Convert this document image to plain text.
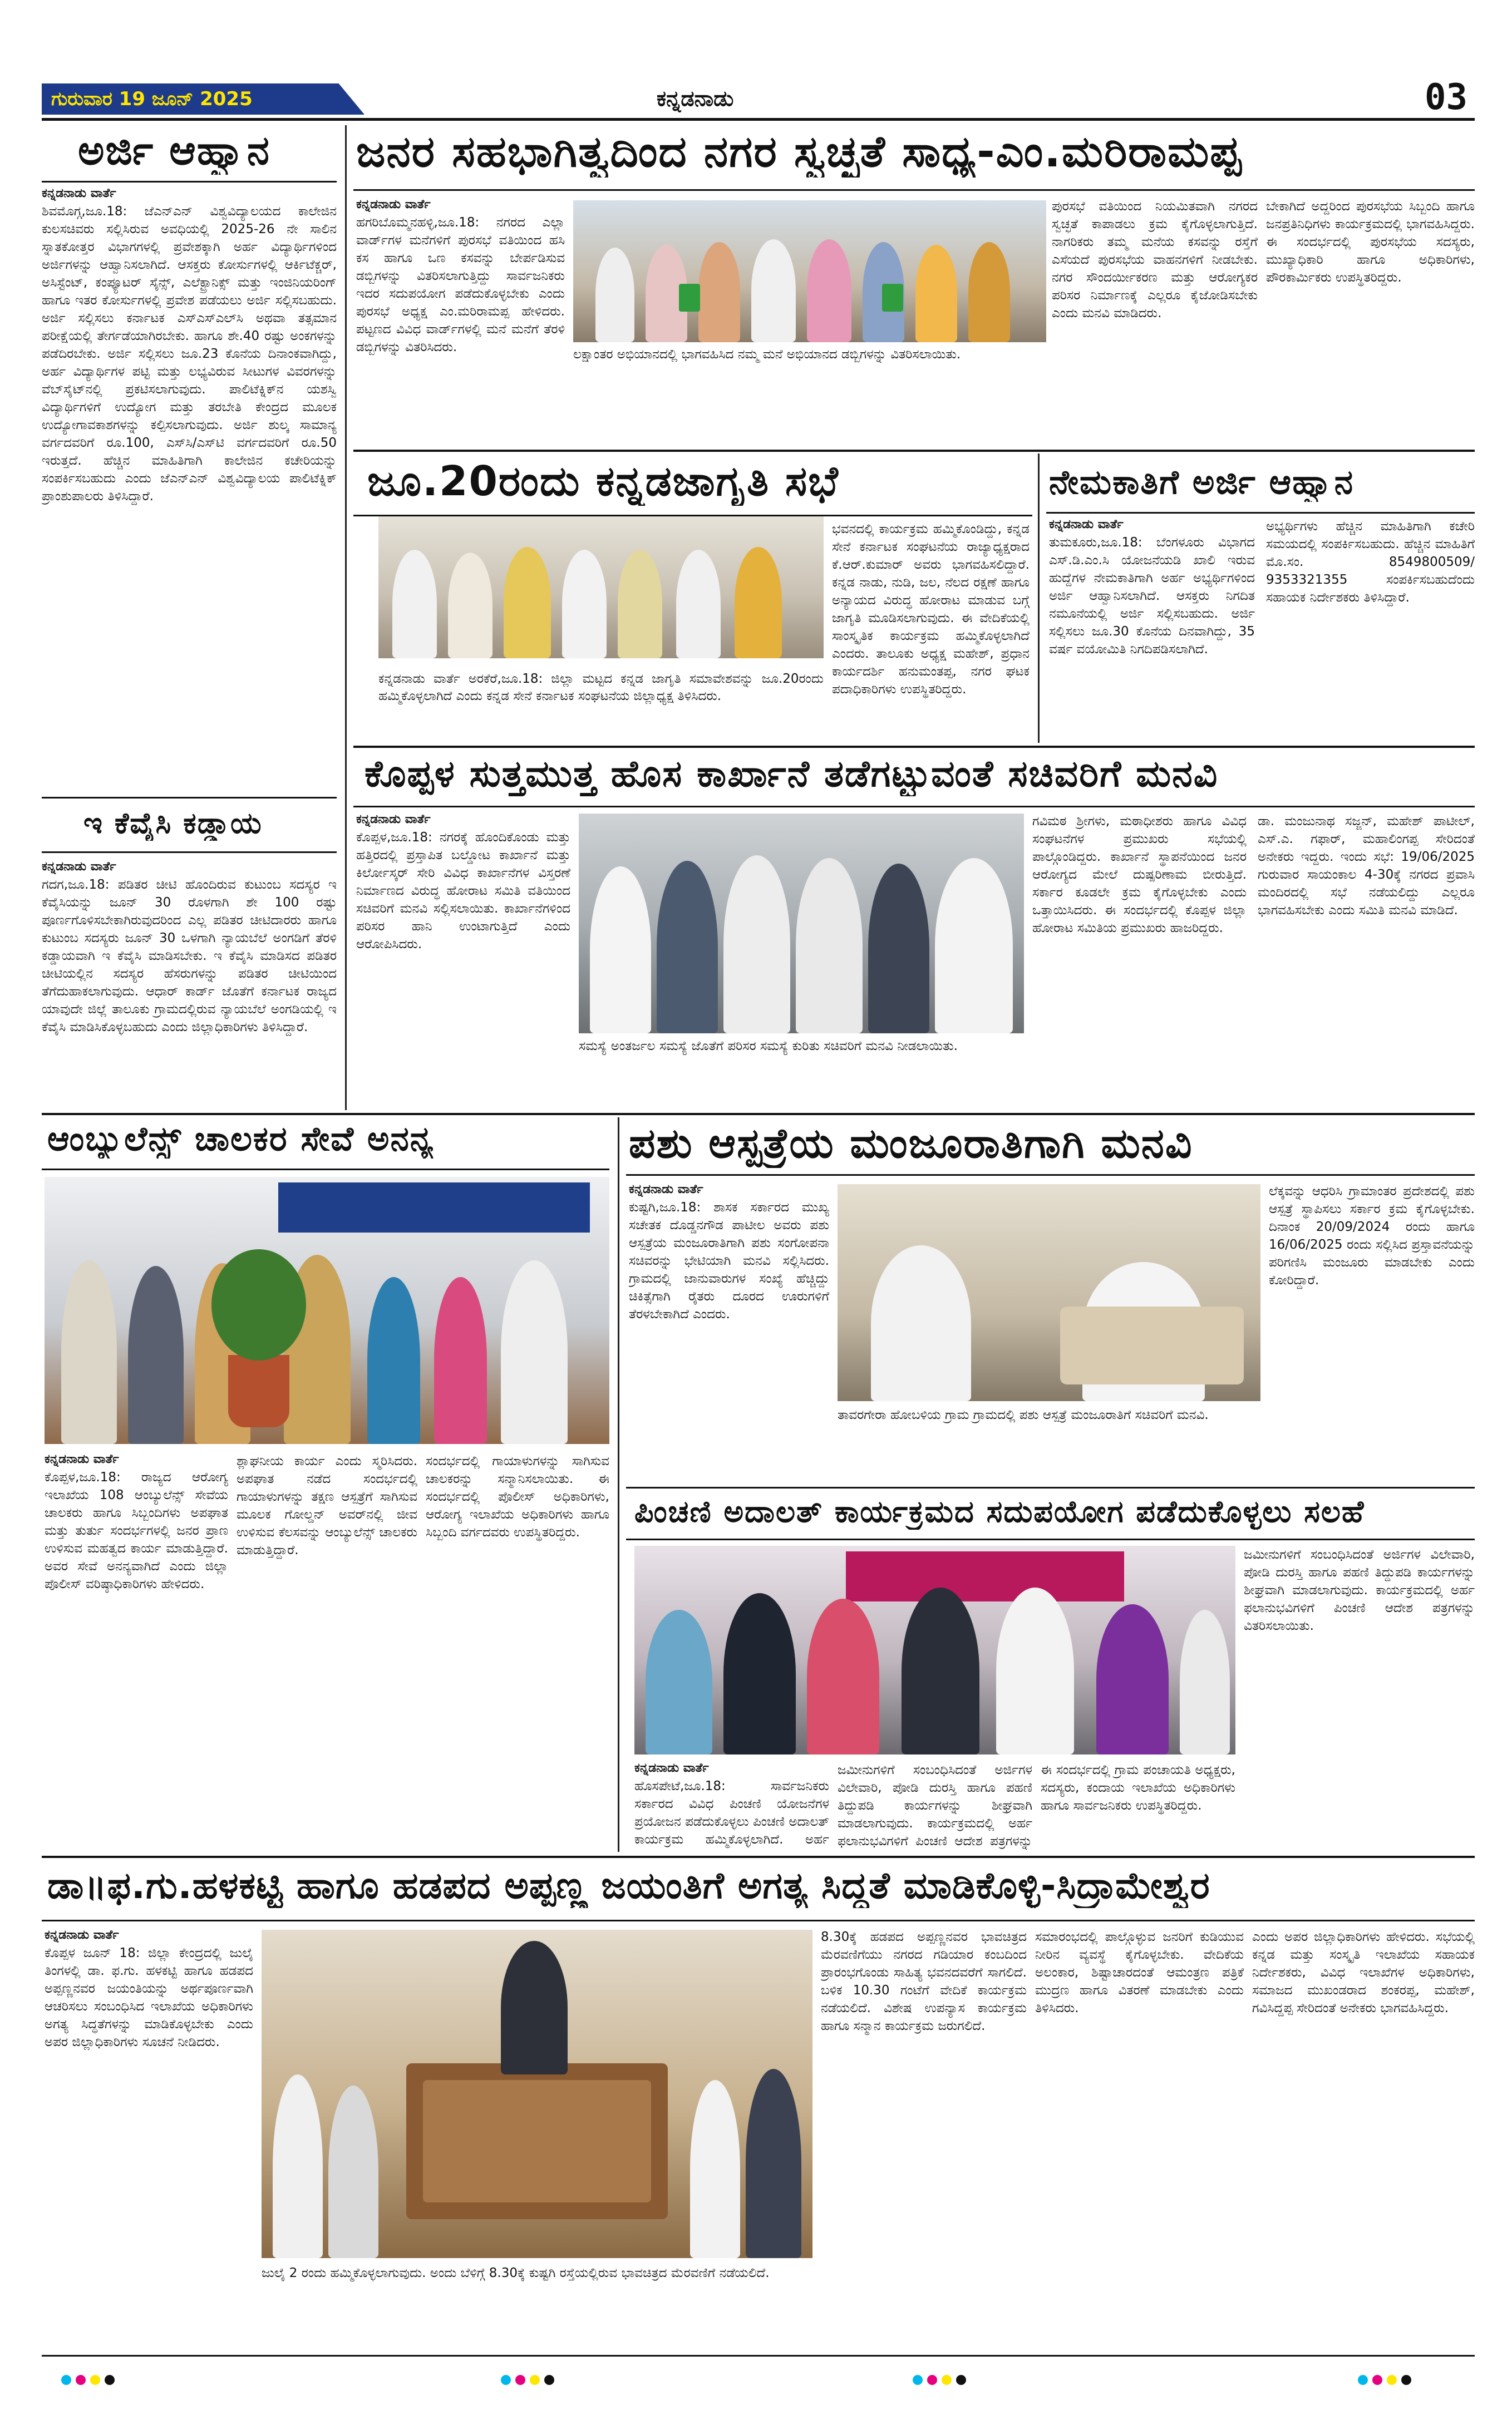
ಗುರುವಾರ 19 ಜೂನ್ 2025	ಕನ್ನಡನಾಡು	03
ಅರ್ಜಿ ಆಹ್ವಾನ
ಕನ್ನಡನಾಡು ವಾರ್ತೆ
ಶಿವಮೊಗ್ಗ,ಜೂ.18: ಜೆಎನ್‌ಎನ್ ವಿಶ್ವವಿದ್ಯಾಲಯದ ಕಾಲೇಜಿನ ಕುಲಸಚಿವರು ಸಲ್ಲಿಸಿರುವ ಅವಧಿಯಲ್ಲಿ 2025-26 ನೇ ಸಾಲಿನ ಸ್ನಾತಕೋತ್ತರ ವಿಭಾಗಗಳಲ್ಲಿ ಪ್ರವೇಶಕ್ಕಾಗಿ ಅರ್ಹ ವಿದ್ಯಾರ್ಥಿಗಳಿಂದ ಅರ್ಜಿಗಳನ್ನು ಆಹ್ವಾನಿಸಲಾಗಿದೆ. ಆಸಕ್ತರು ಕೋರ್ಸುಗಳಲ್ಲಿ ಆರ್ಕಿಟೆಕ್ಚರ್, ಅಸಿಸ್ಟೆಂಟ್, ಕಂಪ್ಯೂಟರ್ ಸೈನ್ಸ್, ಎಲೆಕ್ಟ್ರಾನಿಕ್ಸ್ ಮತ್ತು ಇಂಜಿನಿಯರಿಂಗ್ ಹಾಗೂ ಇತರ ಕೋರ್ಸುಗಳಲ್ಲಿ ಪ್ರವೇಶ ಪಡೆಯಲು ಅರ್ಜಿ ಸಲ್ಲಿಸಬಹುದು. ಅರ್ಜಿ ಸಲ್ಲಿಸಲು ಕರ್ನಾಟಕ ಎಸ್‌ಎಸ್‌ಎಲ್‌ಸಿ ಅಥವಾ ತತ್ಸಮಾನ ಪರೀಕ್ಷೆಯಲ್ಲಿ ತೇರ್ಗಡೆಯಾಗಿರಬೇಕು. ಹಾಗೂ ಶೇ.40 ರಷ್ಟು ಅಂಕಗಳನ್ನು ಪಡೆದಿರಬೇಕು. ಅರ್ಜಿ ಸಲ್ಲಿಸಲು ಜೂ.23 ಕೊನೆಯ ದಿನಾಂಕವಾಗಿದ್ದು, ಅರ್ಹ ವಿದ್ಯಾರ್ಥಿಗಳ ಪಟ್ಟಿ ಮತ್ತು ಲಭ್ಯವಿರುವ ಸೀಟುಗಳ ವಿವರಗಳನ್ನು ವೆಬ್‌ಸೈಟ್‌ನಲ್ಲಿ ಪ್ರಕಟಿಸಲಾಗುವುದು. ಪಾಲಿಟೆಕ್ನಿಕ್‌ನ ಯಶಸ್ವಿ ವಿದ್ಯಾರ್ಥಿಗಳಿಗೆ ಉದ್ಯೋಗ ಮತ್ತು ತರಬೇತಿ ಕೇಂದ್ರದ ಮೂಲಕ ಉದ್ಯೋಗಾವಕಾಶಗಳನ್ನು ಕಲ್ಪಿಸಲಾಗುವುದು. ಅರ್ಜಿ ಶುಲ್ಕ ಸಾಮಾನ್ಯ ವರ್ಗದವರಿಗೆ ರೂ.100, ಎಸ್‌ಸಿ/ಎಸ್‌ಟಿ ವರ್ಗದವರಿಗೆ ರೂ.50 ಇರುತ್ತದೆ. ಹೆಚ್ಚಿನ ಮಾಹಿತಿಗಾಗಿ ಕಾಲೇಜಿನ ಕಚೇರಿಯನ್ನು ಸಂಪರ್ಕಿಸಬಹುದು ಎಂದು ಜೆಎನ್‌ಎನ್ ವಿಶ್ವವಿದ್ಯಾಲಯ ಪಾಲಿಟೆಕ್ನಿಕ್ ಪ್ರಾಂಶುಪಾಲರು ತಿಳಿಸಿದ್ದಾರೆ.
ಇ ಕೆವೈಸಿ ಕಡ್ಡಾಯ
ಕನ್ನಡನಾಡು ವಾರ್ತೆ
ಗದಗ,ಜೂ.18: ಪಡಿತರ ಚೀಟಿ ಹೊಂದಿರುವ ಕುಟುಂಬ ಸದಸ್ಯರ ಇ ಕೆವೈಸಿಯನ್ನು ಜೂನ್ 30 ರೊಳಗಾಗಿ ಶೇ 100 ರಷ್ಟು ಪೂರ್ಣಗೊಳಿಸಬೇಕಾಗಿರುವುದರಿಂದ ಎಲ್ಲ ಪಡಿತರ ಚೀಟಿದಾರರು ಹಾಗೂ ಕುಟುಂಬ ಸದಸ್ಯರು ಜೂನ್ 30 ಒಳಗಾಗಿ ನ್ಯಾಯಬೆಲೆ ಅಂಗಡಿಗೆ ತೆರಳಿ ಕಡ್ಡಾಯವಾಗಿ ಇ ಕೆವೈಸಿ ಮಾಡಿಸಬೇಕು. ಇ ಕೆವೈಸಿ ಮಾಡಿಸದ ಪಡಿತರ ಚೀಟಿಯಲ್ಲಿನ ಸದಸ್ಯರ ಹೆಸರುಗಳನ್ನು ಪಡಿತರ ಚೀಟಿಯಿಂದ ತೆಗೆದುಹಾಕಲಾಗುವುದು. ಆಧಾರ್ ಕಾರ್ಡ್ ಜೊತೆಗೆ ಕರ್ನಾಟಕ ರಾಜ್ಯದ ಯಾವುದೇ ಜಿಲ್ಲೆ ತಾಲೂಕು ಗ್ರಾಮದಲ್ಲಿರುವ ನ್ಯಾಯಬೆಲೆ ಅಂಗಡಿಯಲ್ಲಿ ಇ ಕೆವೈಸಿ ಮಾಡಿಸಿಕೊಳ್ಳಬಹುದು ಎಂದು ಜಿಲ್ಲಾಧಿಕಾರಿಗಳು ತಿಳಿಸಿದ್ದಾರೆ.
ಜನರ ಸಹಭಾಗಿತ್ವದಿಂದ ನಗರ ಸ್ವಚ್ಛತೆ ಸಾಧ್ಯ-ಎಂ.ಮರಿರಾಮಪ್ಪ
ಕನ್ನಡನಾಡು ವಾರ್ತೆ
ಹಗರಿಬೊಮ್ಮನಹಳ್ಳಿ,ಜೂ.18: ನಗರದ ಎಲ್ಲಾ ವಾರ್ಡ್‌ಗಳ ಮನೆಗಳಿಗೆ ಪುರಸಭೆ ವತಿಯಿಂದ ಹಸಿ ಕಸ ಹಾಗೂ ಒಣ ಕಸವನ್ನು ಬೇರ್ಪಡಿಸುವ ಡಬ್ಬಿಗಳನ್ನು ವಿತರಿಸಲಾಗುತ್ತಿದ್ದು ಸಾರ್ವಜನಿಕರು ಇದರ ಸದುಪಯೋಗ ಪಡೆದುಕೊಳ್ಳಬೇಕು ಎಂದು ಪುರಸಭೆ ಅಧ್ಯಕ್ಷ ಎಂ.ಮರಿರಾಮಪ್ಪ ಹೇಳಿದರು. ಪಟ್ಟಣದ ವಿವಿಧ ವಾರ್ಡ್‌ಗಳಲ್ಲಿ ಮನೆ ಮನೆಗೆ ತೆರಳಿ ಡಬ್ಬಿಗಳನ್ನು ವಿತರಿಸಿದರು.	ಲಕ್ಷಾಂತರ ಅಭಿಯಾನದಲ್ಲಿ ಭಾಗವಹಿಸಿದ ನಮ್ಮ ಮನೆ ಅಭಿಯಾನದ ಡಬ್ಬಿಗಳನ್ನು ವಿತರಿಸಲಾಯಿತು.
ಪುರಸಭೆ ವತಿಯಿಂದ ನಿಯಮಿತವಾಗಿ ನಗರದ ಸ್ವಚ್ಛತೆ ಕಾಪಾಡಲು ಕ್ರಮ ಕೈಗೊಳ್ಳಲಾಗುತ್ತಿದೆ. ನಾಗರಿಕರು ತಮ್ಮ ಮನೆಯ ಕಸವನ್ನು ರಸ್ತೆಗೆ ಎಸೆಯದೆ ಪುರಸಭೆಯ ವಾಹನಗಳಿಗೆ ನೀಡಬೇಕು. ನಗರ ಸೌಂದರ್ಯೀಕರಣ ಮತ್ತು ಆರೋಗ್ಯಕರ ಪರಿಸರ ನಿರ್ಮಾಣಕ್ಕೆ ಎಲ್ಲರೂ ಕೈಜೋಡಿಸಬೇಕು ಎಂದು ಮನವಿ ಮಾಡಿದರು.
ಬೇಕಾಗಿದೆ ಅದ್ದರಿಂದ ಪುರಸಭೆಯ ಸಿಬ್ಬಂದಿ ಹಾಗೂ ಜನಪ್ರತಿನಿಧಿಗಳು ಕಾರ್ಯಕ್ರಮದಲ್ಲಿ ಭಾಗವಹಿಸಿದ್ದರು. ಈ ಸಂದರ್ಭದಲ್ಲಿ ಪುರಸಭೆಯ ಸದಸ್ಯರು, ಮುಖ್ಯಾಧಿಕಾರಿ ಹಾಗೂ ಅಧಿಕಾರಿಗಳು, ಪೌರಕಾರ್ಮಿಕರು ಉಪಸ್ಥಿತರಿದ್ದರು.
ಜೂ.20ರಂದು ಕನ್ನಡಜಾಗೃತಿ ಸಭೆ
ಕನ್ನಡನಾಡು ವಾರ್ತೆ ಅರಕೆರೆ,ಜೂ.18: ಜಿಲ್ಲಾ ಮಟ್ಟದ ಕನ್ನಡ ಜಾಗೃತಿ ಸಮಾವೇಶವನ್ನು ಜೂ.20ರಂದು ಹಮ್ಮಿಕೊಳ್ಳಲಾಗಿದೆ ಎಂದು ಕನ್ನಡ ಸೇನೆ ಕರ್ನಾಟಕ ಸಂಘಟನೆಯ ಜಿಲ್ಲಾಧ್ಯಕ್ಷ ತಿಳಿಸಿದರು.
ಭವನದಲ್ಲಿ ಕಾರ್ಯಕ್ರಮ ಹಮ್ಮಿಕೊಂಡಿದ್ದು, ಕನ್ನಡ ಸೇನೆ ಕರ್ನಾಟಕ ಸಂಘಟನೆಯ ರಾಜ್ಯಾಧ್ಯಕ್ಷರಾದ ಕೆ.ಆರ್.ಕುಮಾರ್ ಅವರು ಭಾಗವಹಿಸಲಿದ್ದಾರೆ. ಕನ್ನಡ ನಾಡು, ನುಡಿ, ಜಲ, ನೆಲದ ರಕ್ಷಣೆ ಹಾಗೂ ಅನ್ಯಾಯದ ವಿರುದ್ಧ ಹೋರಾಟ ಮಾಡುವ ಬಗ್ಗೆ ಜಾಗೃತಿ ಮೂಡಿಸಲಾಗುವುದು. ಈ ವೇದಿಕೆಯಲ್ಲಿ ಸಾಂಸ್ಕೃತಿಕ ಕಾರ್ಯಕ್ರಮ ಹಮ್ಮಿಕೊಳ್ಳಲಾಗಿದೆ ಎಂದರು. ತಾಲೂಕು ಅಧ್ಯಕ್ಷ ಮಹೇಶ್, ಪ್ರಧಾನ ಕಾರ್ಯದರ್ಶಿ ಹನುಮಂತಪ್ಪ, ನಗರ ಘಟಕ ಪದಾಧಿಕಾರಿಗಳು ಉಪಸ್ಥಿತರಿದ್ದರು.
ನೇಮಕಾತಿಗೆ ಅರ್ಜಿ ಆಹ್ವಾನ
ಕನ್ನಡನಾಡು ವಾರ್ತೆ
ತುಮಕೂರು,ಜೂ.18: ಬೆಂಗಳೂರು ವಿಭಾಗದ ಎಸ್.ಡಿ.ಎಂ.ಸಿ ಯೋಜನೆಯಡಿ ಖಾಲಿ ಇರುವ ಹುದ್ದೆಗಳ ನೇಮಕಾತಿಗಾಗಿ ಅರ್ಹ ಅಭ್ಯರ್ಥಿಗಳಿಂದ ಅರ್ಜಿ ಆಹ್ವಾನಿಸಲಾಗಿದೆ. ಆಸಕ್ತರು ನಿಗದಿತ ನಮೂನೆಯಲ್ಲಿ ಅರ್ಜಿ ಸಲ್ಲಿಸಬಹುದು. ಅರ್ಜಿ ಸಲ್ಲಿಸಲು ಜೂ.30 ಕೊನೆಯ ದಿನವಾಗಿದ್ದು, 35 ವರ್ಷ ವಯೋಮಿತಿ ನಿಗದಿಪಡಿಸಲಾಗಿದೆ.
ಅಭ್ಯರ್ಥಿಗಳು ಹೆಚ್ಚಿನ ಮಾಹಿತಿಗಾಗಿ ಕಚೇರಿ ಸಮಯದಲ್ಲಿ ಸಂಪರ್ಕಿಸಬಹುದು. ಹೆಚ್ಚಿನ ಮಾಹಿತಿಗೆ ಮೊ.ಸಂ. 8549800509/ 9353321355 ಸಂಪರ್ಕಿಸಬಹುದೆಂದು ಸಹಾಯಕ ನಿರ್ದೇಶಕರು ತಿಳಿಸಿದ್ದಾರೆ.
ಕೊಪ್ಪಳ ಸುತ್ತಮುತ್ತ ಹೊಸ ಕಾರ್ಖಾನೆ ತಡೆಗಟ್ಟುವಂತೆ ಸಚಿವರಿಗೆ ಮನವಿ
ಕನ್ನಡನಾಡು ವಾರ್ತೆ
ಕೊಪ್ಪಳ,ಜೂ.18: ನಗರಕ್ಕೆ ಹೊಂದಿಕೊಂಡು ಮತ್ತು ಹತ್ತಿರದಲ್ಲಿ ಪ್ರಸ್ತಾಪಿತ ಬಲ್ಡೋಟ ಕಾರ್ಖಾನೆ ಮತ್ತು ಕಿರ್ಲೋಸ್ಕರ್ ಸೇರಿ ವಿವಿಧ ಕಾರ್ಖಾನೆಗಳ ವಿಸ್ತರಣೆ ನಿರ್ಮಾಣದ ವಿರುದ್ಧ ಹೋರಾಟ ಸಮಿತಿ ವತಿಯಿಂದ ಸಚಿವರಿಗೆ ಮನವಿ ಸಲ್ಲಿಸಲಾಯಿತು. ಕಾರ್ಖಾನೆಗಳಿಂದ ಪರಿಸರ ಹಾನಿ ಉಂಟಾಗುತ್ತಿದೆ ಎಂದು ಆರೋಪಿಸಿದರು.
ಸಮಸ್ಯೆ ಅಂತರ್ಜಲ ಸಮಸ್ಯೆ ಜೊತೆಗೆ ಪರಿಸರ ಸಮಸ್ಯೆ ಕುರಿತು ಸಚಿವರಿಗೆ ಮನವಿ ನೀಡಲಾಯಿತು.
ಗವಿಮಠ ಶ್ರೀಗಳು, ಮಠಾಧೀಶರು ಹಾಗೂ ವಿವಿಧ ಸಂಘಟನೆಗಳ ಪ್ರಮುಖರು ಸಭೆಯಲ್ಲಿ ಪಾಲ್ಗೊಂಡಿದ್ದರು. ಕಾರ್ಖಾನೆ ಸ್ಥಾಪನೆಯಿಂದ ಜನರ ಆರೋಗ್ಯದ ಮೇಲೆ ದುಷ್ಪರಿಣಾಮ ಬೀರುತ್ತಿದೆ. ಸರ್ಕಾರ ಕೂಡಲೇ ಕ್ರಮ ಕೈಗೊಳ್ಳಬೇಕು ಎಂದು ಒತ್ತಾಯಿಸಿದರು. ಈ ಸಂದರ್ಭದಲ್ಲಿ ಕೊಪ್ಪಳ ಜಿಲ್ಲಾ ಹೋರಾಟ ಸಮಿತಿಯ ಪ್ರಮುಖರು ಹಾಜರಿದ್ದರು.
ಡಾ. ಮಂಜುನಾಥ ಸಜ್ಜನ್, ಮಹೇಶ್ ಪಾಟೀಲ್, ಎಸ್.ಎ. ಗಫಾರ್, ಮಹಾಲಿಂಗಪ್ಪ ಸೇರಿದಂತೆ ಅನೇಕರು ಇದ್ದರು. ಇಂದು ಸಭೆ: 19/06/2025 ಗುರುವಾರ ಸಾಯಂಕಾಲ 4-30ಕ್ಕೆ ನಗರದ ಪ್ರವಾಸಿ ಮಂದಿರದಲ್ಲಿ ಸಭೆ ನಡೆಯಲಿದ್ದು ಎಲ್ಲರೂ ಭಾಗವಹಿಸಬೇಕು ಎಂದು ಸಮಿತಿ ಮನವಿ ಮಾಡಿದೆ.
ಆಂಬ್ಯುಲೆನ್ಸ್ ಚಾಲಕರ ಸೇವೆ ಅನನ್ಯ
ಕನ್ನಡನಾಡು ವಾರ್ತೆ
ಕೊಪ್ಪಳ,ಜೂ.18: ರಾಜ್ಯದ ಆರೋಗ್ಯ ಇಲಾಖೆಯ 108 ಆಂಬ್ಯುಲೆನ್ಸ್ ಸೇವೆಯ ಚಾಲಕರು ಹಾಗೂ ಸಿಬ್ಬಂದಿಗಳು ಅಪಘಾತ ಮತ್ತು ತುರ್ತು ಸಂದರ್ಭಗಳಲ್ಲಿ ಜನರ ಪ್ರಾಣ ಉಳಿಸುವ ಮಹತ್ವದ ಕಾರ್ಯ ಮಾಡುತ್ತಿದ್ದಾರೆ. ಅವರ ಸೇವೆ ಅನನ್ಯವಾಗಿದೆ ಎಂದು ಜಿಲ್ಲಾ ಪೊಲೀಸ್ ವರಿಷ್ಠಾಧಿಕಾರಿಗಳು ಹೇಳಿದರು.
ಶ್ಲಾಘನೀಯ ಕಾರ್ಯ ಎಂದು ಸ್ಮರಿಸಿದರು. ಅಪಘಾತ ನಡೆದ ಸಂದರ್ಭದಲ್ಲಿ ಗಾಯಾಳುಗಳನ್ನು ತಕ್ಷಣ ಆಸ್ಪತ್ರೆಗೆ ಸಾಗಿಸುವ ಮೂಲಕ ಗೋಲ್ಡನ್ ಅವರ್‌ನಲ್ಲಿ ಜೀವ ಉಳಿಸುವ ಕೆಲಸವನ್ನು ಆಂಬ್ಯುಲೆನ್ಸ್ ಚಾಲಕರು ಮಾಡುತ್ತಿದ್ದಾರೆ.
ಸಂದರ್ಭದಲ್ಲಿ ಗಾಯಾಳುಗಳನ್ನು ಸಾಗಿಸುವ ಚಾಲಕರನ್ನು ಸನ್ಮಾನಿಸಲಾಯಿತು. ಈ ಸಂದರ್ಭದಲ್ಲಿ ಪೊಲೀಸ್ ಅಧಿಕಾರಿಗಳು, ಆರೋಗ್ಯ ಇಲಾಖೆಯ ಅಧಿಕಾರಿಗಳು ಹಾಗೂ ಸಿಬ್ಬಂದಿ ವರ್ಗದವರು ಉಪಸ್ಥಿತರಿದ್ದರು.
ಪಶು ಆಸ್ಪತ್ರೆಯ ಮಂಜೂರಾತಿಗಾಗಿ ಮನವಿ
ಕನ್ನಡನಾಡು ವಾರ್ತೆ
ಕುಷ್ಟಗಿ,ಜೂ.18: ಶಾಸಕ ಸರ್ಕಾರದ ಮುಖ್ಯ ಸಚೇತಕ ದೊಡ್ಡನಗೌಡ ಪಾಟೀಲ ಅವರು ಪಶು ಆಸ್ಪತ್ರೆಯ ಮಂಜೂರಾತಿಗಾಗಿ ಪಶು ಸಂಗೋಪನಾ ಸಚಿವರನ್ನು ಭೇಟಿಯಾಗಿ ಮನವಿ ಸಲ್ಲಿಸಿದರು. ಗ್ರಾಮದಲ್ಲಿ ಜಾನುವಾರುಗಳ ಸಂಖ್ಯೆ ಹೆಚ್ಚಿದ್ದು ಚಿಕಿತ್ಸೆಗಾಗಿ ರೈತರು ದೂರದ ಊರುಗಳಿಗೆ ತೆರಳಬೇಕಾಗಿದೆ ಎಂದರು.
ತಾವರಗೇರಾ ಹೋಬಳಿಯ ಗ್ರಾಮ ಗ್ರಾಮದಲ್ಲಿ ಪಶು ಆಸ್ಪತ್ರೆ ಮಂಜೂರಾತಿಗೆ ಸಚಿವರಿಗೆ ಮನವಿ.
ಲೆಕ್ಕವನ್ನು ಆಧರಿಸಿ ಗ್ರಾಮಾಂತರ ಪ್ರದೇಶದಲ್ಲಿ ಪಶು ಆಸ್ಪತ್ರೆ ಸ್ಥಾಪಿಸಲು ಸರ್ಕಾರ ಕ್ರಮ ಕೈಗೊಳ್ಳಬೇಕು. ದಿನಾಂಕ 20/09/2024 ರಂದು ಹಾಗೂ 16/06/2025 ರಂದು ಸಲ್ಲಿಸಿದ ಪ್ರಸ್ತಾವನೆಯನ್ನು ಪರಿಗಣಿಸಿ ಮಂಜೂರು ಮಾಡಬೇಕು ಎಂದು ಕೋರಿದ್ದಾರೆ.
ಪಿಂಚಣಿ ಅದಾಲತ್ ಕಾರ್ಯಕ್ರಮದ ಸದುಪಯೋಗ ಪಡೆದುಕೊಳ್ಳಲು ಸಲಹೆ
ಕನ್ನಡನಾಡು ವಾರ್ತೆ
ಹೊಸಪೇಟೆ,ಜೂ.18: ಸಾರ್ವಜನಿಕರು ಸರ್ಕಾರದ ವಿವಿಧ ಪಿಂಚಣಿ ಯೋಜನೆಗಳ ಪ್ರಯೋಜನ ಪಡೆದುಕೊಳ್ಳಲು ಪಿಂಚಣಿ ಅದಾಲತ್ ಕಾರ್ಯಕ್ರಮ ಹಮ್ಮಿಕೊಳ್ಳಲಾಗಿದೆ. ಅರ್ಹ
ಜಮೀನುಗಳಿಗೆ ಸಂಬಂಧಿಸಿದಂತೆ ಅರ್ಜಿಗಳ ವಿಲೇವಾರಿ, ಪೋಡಿ ದುರಸ್ತಿ ಹಾಗೂ ಪಹಣಿ ತಿದ್ದುಪಡಿ ಕಾರ್ಯಗಳನ್ನು ಶೀಘ್ರವಾಗಿ ಮಾಡಲಾಗುವುದು. ಕಾರ್ಯಕ್ರಮದಲ್ಲಿ ಅರ್ಹ ಫಲಾನುಭವಿಗಳಿಗೆ ಪಿಂಚಣಿ ಆದೇಶ ಪತ್ರಗಳನ್ನು
ಈ ಸಂದರ್ಭದಲ್ಲಿ ಗ್ರಾಮ ಪಂಚಾಯತಿ ಅಧ್ಯಕ್ಷರು, ಸದಸ್ಯರು, ಕಂದಾಯ ಇಲಾಖೆಯ ಅಧಿಕಾರಿಗಳು ಹಾಗೂ ಸಾರ್ವಜನಿಕರು ಉಪಸ್ಥಿತರಿದ್ದರು.
ಜಮೀನುಗಳಿಗೆ ಸಂಬಂಧಿಸಿದಂತೆ ಅರ್ಜಿಗಳ ವಿಲೇವಾರಿ, ಪೋಡಿ ದುರಸ್ತಿ ಹಾಗೂ ಪಹಣಿ ತಿದ್ದುಪಡಿ ಕಾರ್ಯಗಳನ್ನು ಶೀಘ್ರವಾಗಿ ಮಾಡಲಾಗುವುದು. ಕಾರ್ಯಕ್ರಮದಲ್ಲಿ ಅರ್ಹ ಫಲಾನುಭವಿಗಳಿಗೆ ಪಿಂಚಣಿ ಆದೇಶ ಪತ್ರಗಳನ್ನು ವಿತರಿಸಲಾಯಿತು.
ಡಾ॥ಫ.ಗು.ಹಳಕಟ್ಟಿ ಹಾಗೂ ಹಡಪದ ಅಪ್ಪಣ್ಣ ಜಯಂತಿಗೆ ಅಗತ್ಯ ಸಿದ್ಧತೆ ಮಾಡಿಕೊಳ್ಳಿ-ಸಿದ್ರಾಮೇಶ್ವರ
ಕನ್ನಡನಾಡು ವಾರ್ತೆ
ಕೊಪ್ಪಳ ಜೂನ್ 18: ಜಿಲ್ಲಾ ಕೇಂದ್ರದಲ್ಲಿ ಜುಲೈ ತಿಂಗಳಲ್ಲಿ ಡಾ. ಫ.ಗು. ಹಳಕಟ್ಟಿ ಹಾಗೂ ಹಡಪದ ಅಪ್ಪಣ್ಣನವರ ಜಯಂತಿಯನ್ನು ಅರ್ಥಪೂರ್ಣವಾಗಿ ಆಚರಿಸಲು ಸಂಬಂಧಿಸಿದ ಇಲಾಖೆಯ ಅಧಿಕಾರಿಗಳು ಅಗತ್ಯ ಸಿದ್ಧತೆಗಳನ್ನು ಮಾಡಿಕೊಳ್ಳಬೇಕು ಎಂದು ಅಪರ ಜಿಲ್ಲಾಧಿಕಾರಿಗಳು ಸೂಚನೆ ನೀಡಿದರು.
ಜುಲೈ 2 ರಂದು ಹಮ್ಮಿಕೊಳ್ಳಲಾಗುವುದು. ಅಂದು ಬೆಳಿಗ್ಗೆ 8.30ಕ್ಕೆ ಕುಷ್ಟಗಿ ರಸ್ತೆಯಲ್ಲಿರುವ ಭಾವಚಿತ್ರದ ಮೆರವಣಿಗೆ ನಡೆಯಲಿದೆ.
8.30ಕ್ಕೆ ಹಡಪದ ಅಪ್ಪಣ್ಣನವರ ಭಾವಚಿತ್ರದ ಮೆರವಣಿಗೆಯು ನಗರದ ಗಡಿಯಾರ ಕಂಬದಿಂದ ಪ್ರಾರಂಭಗೊಂಡು ಸಾಹಿತ್ಯ ಭವನದವರೆಗೆ ಸಾಗಲಿದೆ. ಬಳಿಕ 10.30 ಗಂಟೆಗೆ ವೇದಿಕೆ ಕಾರ್ಯಕ್ರಮ ನಡೆಯಲಿದೆ. ವಿಶೇಷ ಉಪನ್ಯಾಸ ಕಾರ್ಯಕ್ರಮ ಹಾಗೂ ಸನ್ಮಾನ ಕಾರ್ಯಕ್ರಮ ಜರುಗಲಿದೆ.
ಸಮಾರಂಭದಲ್ಲಿ ಪಾಲ್ಗೊಳ್ಳುವ ಜನರಿಗೆ ಕುಡಿಯುವ ನೀರಿನ ವ್ಯವಸ್ಥೆ ಕೈಗೊಳ್ಳಬೇಕು. ವೇದಿಕೆಯ ಅಲಂಕಾರ, ಶಿಷ್ಟಾಚಾರದಂತೆ ಆಮಂತ್ರಣ ಪತ್ರಿಕೆ ಮುದ್ರಣ ಹಾಗೂ ವಿತರಣೆ ಮಾಡಬೇಕು ಎಂದು ತಿಳಿಸಿದರು.
ಎಂದು ಅಪರ ಜಿಲ್ಲಾಧಿಕಾರಿಗಳು ಹೇಳಿದರು. ಸಭೆಯಲ್ಲಿ ಕನ್ನಡ ಮತ್ತು ಸಂಸ್ಕೃತಿ ಇಲಾಖೆಯ ಸಹಾಯಕ ನಿರ್ದೇಶಕರು, ವಿವಿಧ ಇಲಾಖೆಗಳ ಅಧಿಕಾರಿಗಳು, ಸಮಾಜದ ಮುಖಂಡರಾದ ಶಂಕರಪ್ಪ, ಮಹೇಶ್, ಗವಿಸಿದ್ದಪ್ಪ ಸೇರಿದಂತೆ ಅನೇಕರು ಭಾಗವಹಿಸಿದ್ದರು.
